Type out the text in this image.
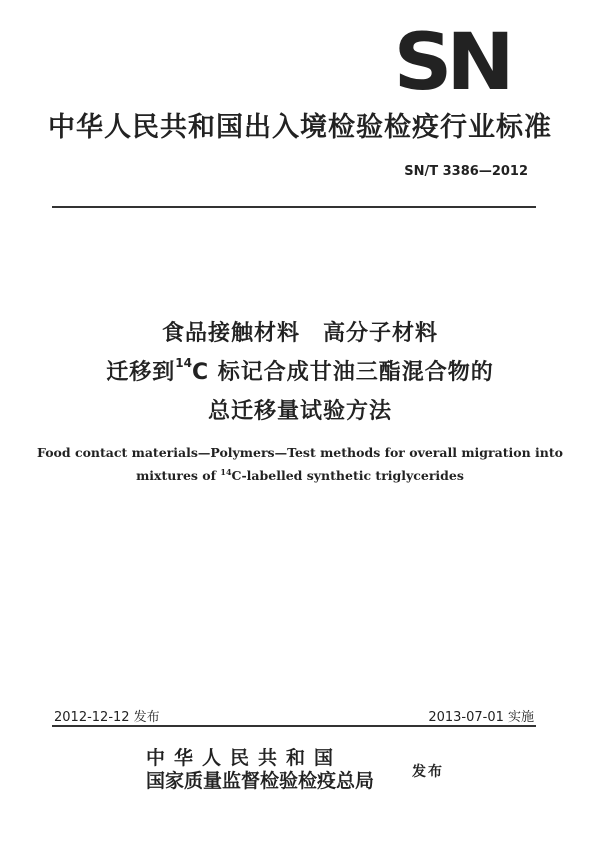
SN
中华人民共和国出入境检验检疫行业标准
SN/T 3386—2012
食品接触材料　高分子材料
迁移到$^{14}$C 标记合成甘油三酯混合物的
总迁移量试验方法
Food contact materials—Polymers—Test methods for overall migration into
mixtures of $^{14}$C-labelled synthetic triglycerides
2012-12-12 发布	2013-07-01 实施
中华人民共和国
国家质量监督检验检疫总局	发布
